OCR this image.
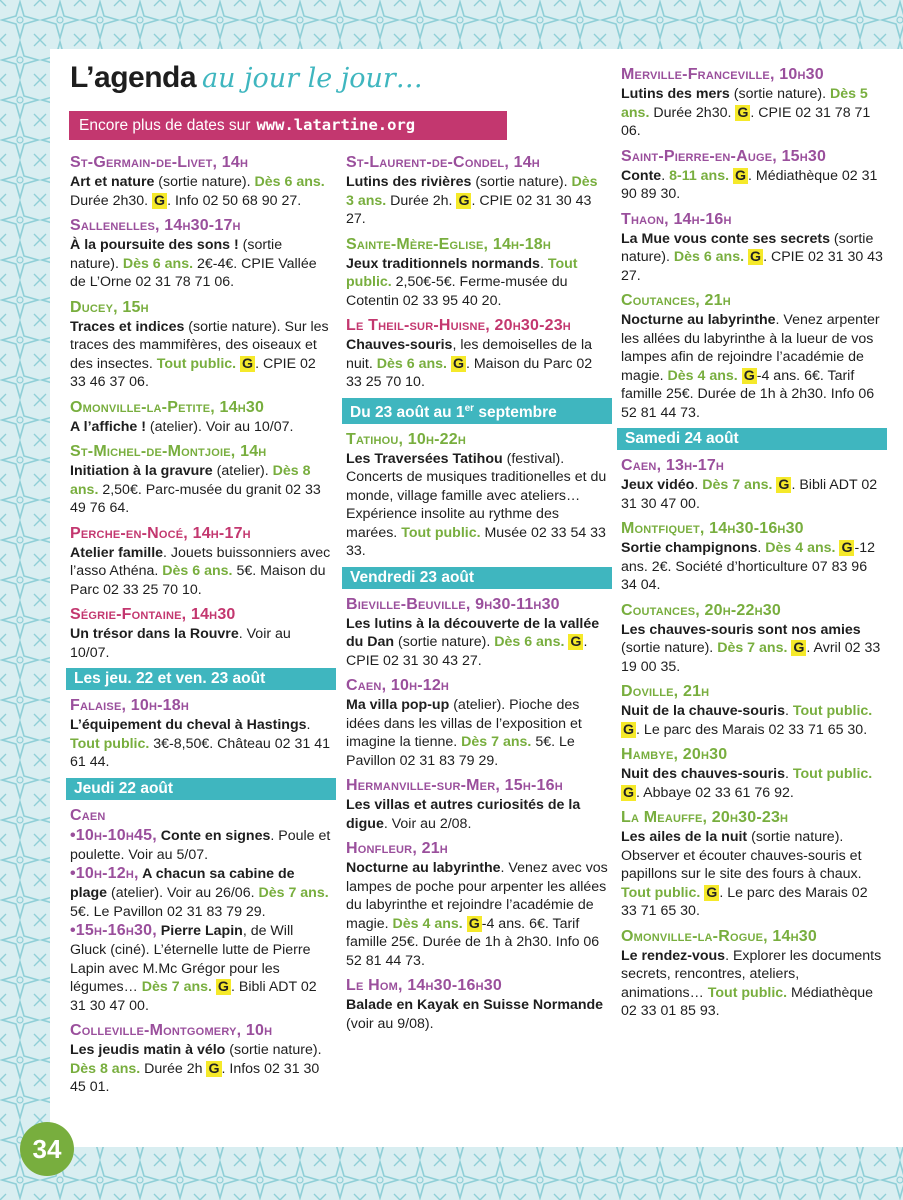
L’agenda au jour le jour…
Encore plus de dates sur www.latartine.org
St-Germain-de-Livet, 14h
Art et nature (sortie nature). Dès 6 ans. Durée 2h30. G . Info 02 50 68 90 27.
Sallenelles, 14h30-17h
À la poursuite des sons ! (sortie nature). Dès 6 ans. 2€-4€. CPIE Vallée de L’Orne 02 31 78 71 06.
Ducey, 15h
Traces et indices (sortie nature). Sur les traces des mammifères, des oiseaux et des insectes. Tout public. G . CPIE 02 33 46 37 06.
Omonville-la-Petite, 14h30
A l’affiche ! (atelier). Voir au 10/07.
St-Michel-de-Montjoie, 14h
Initiation à la gravure (atelier). Dès 8 ans. 2,50€. Parc-musée du granit 02 33 49 76 64.
Perche-en-Nocé, 14h-17h
Atelier famille. Jouets buissonniers avec l’asso Athéna. Dès 6 ans. 5€. Maison du Parc 02 33 25 70 10.
Ségrie-Fontaine, 14h30
Un trésor dans la Rouvre. Voir au 10/07.
Les jeu. 22 et ven. 23 août
Falaise, 10h-18h
L’équipement du cheval à Hastings. Tout public. 3€-8,50€. Château 02 31 41 61 44.
Jeudi 22 août
Caen
•10h-10h45, Conte en signes. Poule et poulette. Voir au 5/07.
•10h-12h, A chacun sa cabine de plage (atelier). Voir au 26/06. Dès 7 ans. 5€. Le Pavillon 02 31 83 79 29.
•15h-16h30, Pierre Lapin, de Will Gluck (ciné). L’éternelle lutte de Pierre Lapin avec M.Mc Grégor pour les légumes… Dès 7 ans. G . Bibli ADT 02 31 30 47 00.
Colleville-Montgomery, 10h
Les jeudis matin à vélo (sortie nature). Dès 8 ans. Durée 2h G . Infos 02 31 30 45 01.
St-Laurent-de-Condel, 14h
Lutins des rivières (sortie nature). Dès 3 ans. Durée 2h. G . CPIE 02 31 30 43 27.
Sainte-Mère-Eglise, 14h-18h
Jeux traditionnels normands. Tout public. 2,50€-5€. Ferme-musée du Cotentin 02 33 95 40 20.
Le Theil-sur-Huisne, 20h30-23h
Chauves-souris, les demoiselles de la nuit. Dès 6 ans. G . Maison du Parc 02 33 25 70 10.
Du 23 août au 1er septembre
Tatihou, 10h-22h
Les Traversées Tatihou (festival). Concerts de musiques traditionelles et du monde, village famille avec ateliers…Expérience insolite au rythme des marées. Tout public. Musée 02 33 54 33 33.
Vendredi 23 août
Bieville-Beuville, 9h30-11h30
Les lutins à la découverte de la vallée du Dan (sortie nature). Dès 6 ans. G . CPIE 02 31 30 43 27.
Caen, 10h-12h
Ma villa pop-up (atelier). Pioche des idées dans les villas de l’exposition et imagine la tienne. Dès 7 ans. 5€. Le Pavillon 02 31 83 79 29.
Hermanville-sur-Mer, 15h-16h
Les villas et autres curiosités de la digue. Voir au 2/08.
Honfleur, 21h
Nocturne au labyrinthe. Venez avec vos lampes de poche pour arpenter les allées du labyrinthe et rejoindre l’académie de magie. Dès 4 ans. G -4 ans. 6€. Tarif famille 25€. Durée de 1h à 2h30. Info 06 52 81 44 73.
Le Hom, 14h30-16h30
Balade en Kayak en Suisse Normande (voir au 9/08).
Merville-Franceville, 10h30
Lutins des mers (sortie nature). Dès 5 ans. Durée 2h30. G . CPIE 02 31 78 71 06.
Saint-Pierre-en-Auge, 15h30
Conte. 8-11 ans. G . Médiathèque 02 31 90 89 30.
Thaon, 14h-16h
La Mue vous conte ses secrets (sortie nature). Dès 6 ans. G . CPIE 02 31 30 43 27.
Coutances, 21h
Nocturne au labyrinthe. Venez arpenter les allées du labyrinthe à la lueur de vos lampes afin de rejoindre l’académie de magie. Dès 4 ans. G -4 ans. 6€. Tarif famille 25€. Durée de 1h à 2h30. Info 06 52 81 44 73.
Samedi 24 août
Caen, 13h-17h
Jeux vidéo. Dès 7 ans. G . Bibli ADT 02 31 30 47 00.
Montfiquet, 14h30-16h30
Sortie champignons. Dès 4 ans. G -12 ans. 2€. Société d’horticulture 07 83 96 34 04.
Coutances, 20h-22h30
Les chauves-souris sont nos amies (sortie nature). Dès 7 ans. G . Avril 02 33 19 00 35.
Doville, 21h
Nuit de la chauve-souris. Tout public. G . Le parc des Marais 02 33 71 65 30.
Hambye, 20h30
Nuit des chauves-souris. Tout public. G . Abbaye 02 33 61 76 92.
La Meauffe, 20h30-23h
Les ailes de la nuit (sortie nature). Observer et écouter chauves-souris et papillons sur le site des fours à chaux. Tout public. G . Le parc des Marais 02 33 71 65 30.
Omonville-la-Rogue, 14h30
Le rendez-vous. Explorer les documents secrets, rencontres, ateliers, animations… Tout public. Médiathèque 02 33 01 85 93.
34
